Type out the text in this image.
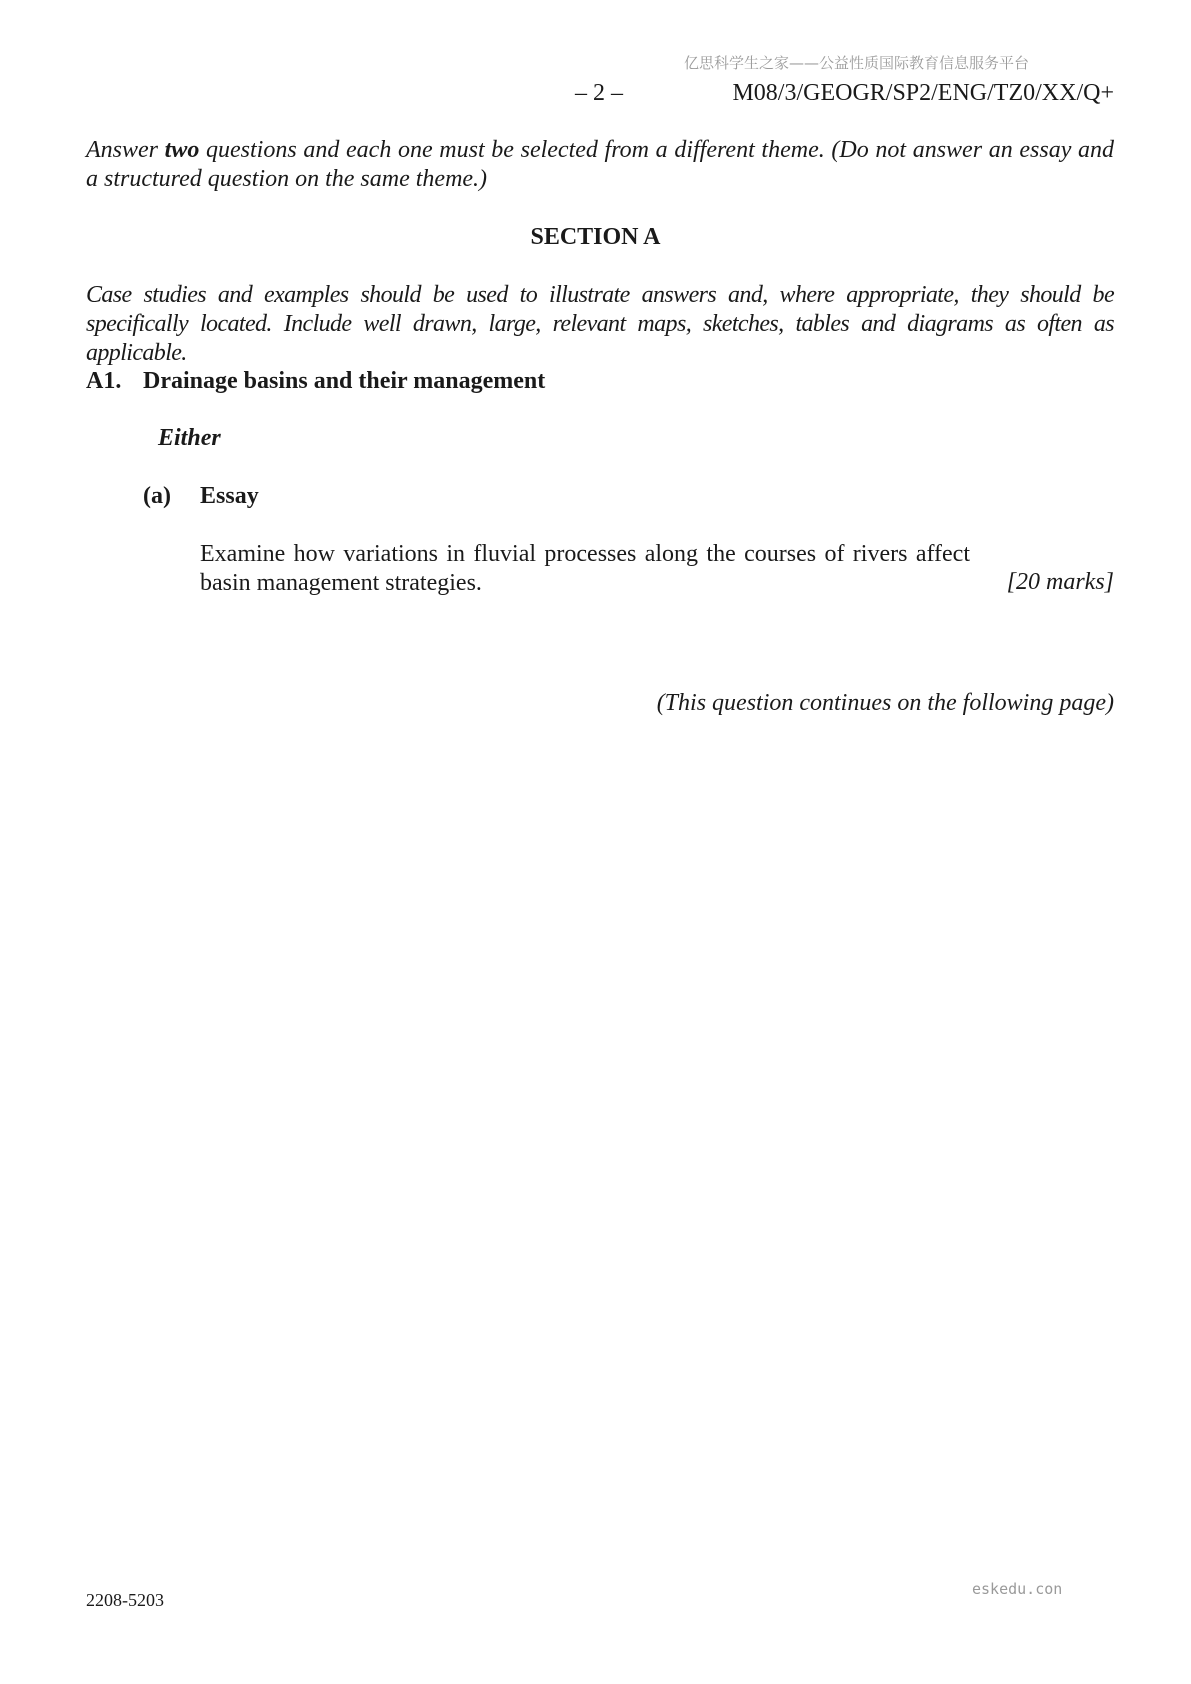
亿思科学生之家——公益性质国际教育信息服务平台
– 2 –	M08/3/GEOGR/SP2/ENG/TZ0/XX/Q+
Answer two questions and each one must be selected from a different theme. (Do not answer an essay and a structured question on the same theme.)
SECTION A
Case studies and examples should be used to illustrate answers and, where appropriate, they should be specifically located. Include well drawn, large, relevant maps, sketches, tables and diagrams as often as applicable.
A1. Drainage basins and their management
Either
(a) Essay
Examine how variations in fluvial processes along the courses of rivers affect basin management strategies.	[20 marks]
(This question continues on the following page)
2208-5203
eskedu.con
